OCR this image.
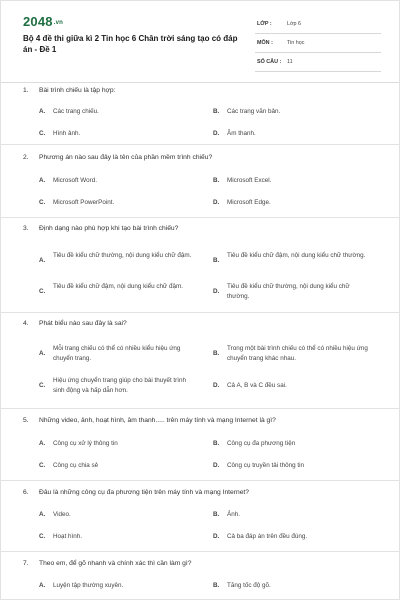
2048.vn
Bộ 4 đề thi giữa kì 2 Tin học 6 Chân trời sáng tạo có đáp án - Đề 1
LỚP :	Lớp 6
MÔN :	Tin học
SỐ CÂU : 11
1. Bài trình chiếu là tập hợp:
A. Các trang chiếu.	B. Các trang văn bản.
C. Hình ảnh.	D. Âm thanh.
2. Phương án nào sau đây là tên của phần mềm trình chiếu?
A. Microsoft Word.	B. Microsoft Excel.
C. Microsoft PowerPoint.	D. Microsoft Edge.
3. Định dạng nào phù hợp khi tạo bài trình chiếu?
A.
Tiêu đề kiểu chữ thường, nội dung kiểu chữ đậm.
B.
Tiêu đề kiểu chữ đậm, nội dung kiểu chữ thường.
C.
Tiêu đề kiểu chữ đậm, nội dung kiểu chữ đậm.
D.
Tiêu đề kiểu chữ thường, nội dung kiểu chữ thường.
4. Phát biểu nào sau đây là sai?
A.
Mỗi trang chiếu có thể có nhiều kiểu hiệu ứng chuyển trang.
B.
Trong một bài trình chiếu có thể có nhiều hiệu ứng chuyển trang khác nhau.
C.
Hiệu ứng chuyển trang giúp cho bài thuyết trình sinh động và hấp dẫn hơn.
D. Cả A, B và C đều sai.
5. Những video, ảnh, hoạt hình, âm thanh..... trên máy tính và mạng Internet là gì?
A. Công cụ xử lý thông tin	B. Công cụ đa phương tiện
C. Công cụ chia sẻ	D. Công cụ truyền tải thông tin
6. Đâu là những công cụ đa phương tiện trên máy tính và mạng Internet?
A. Video.	B. Ảnh.
C. Hoạt hình.	D. Cả ba đáp án trên đều đúng.
7. Theo em, để gõ nhanh và chính xác thì cần làm gì?
A. Luyện tập thường xuyên.	B. Tăng tốc độ gõ.
